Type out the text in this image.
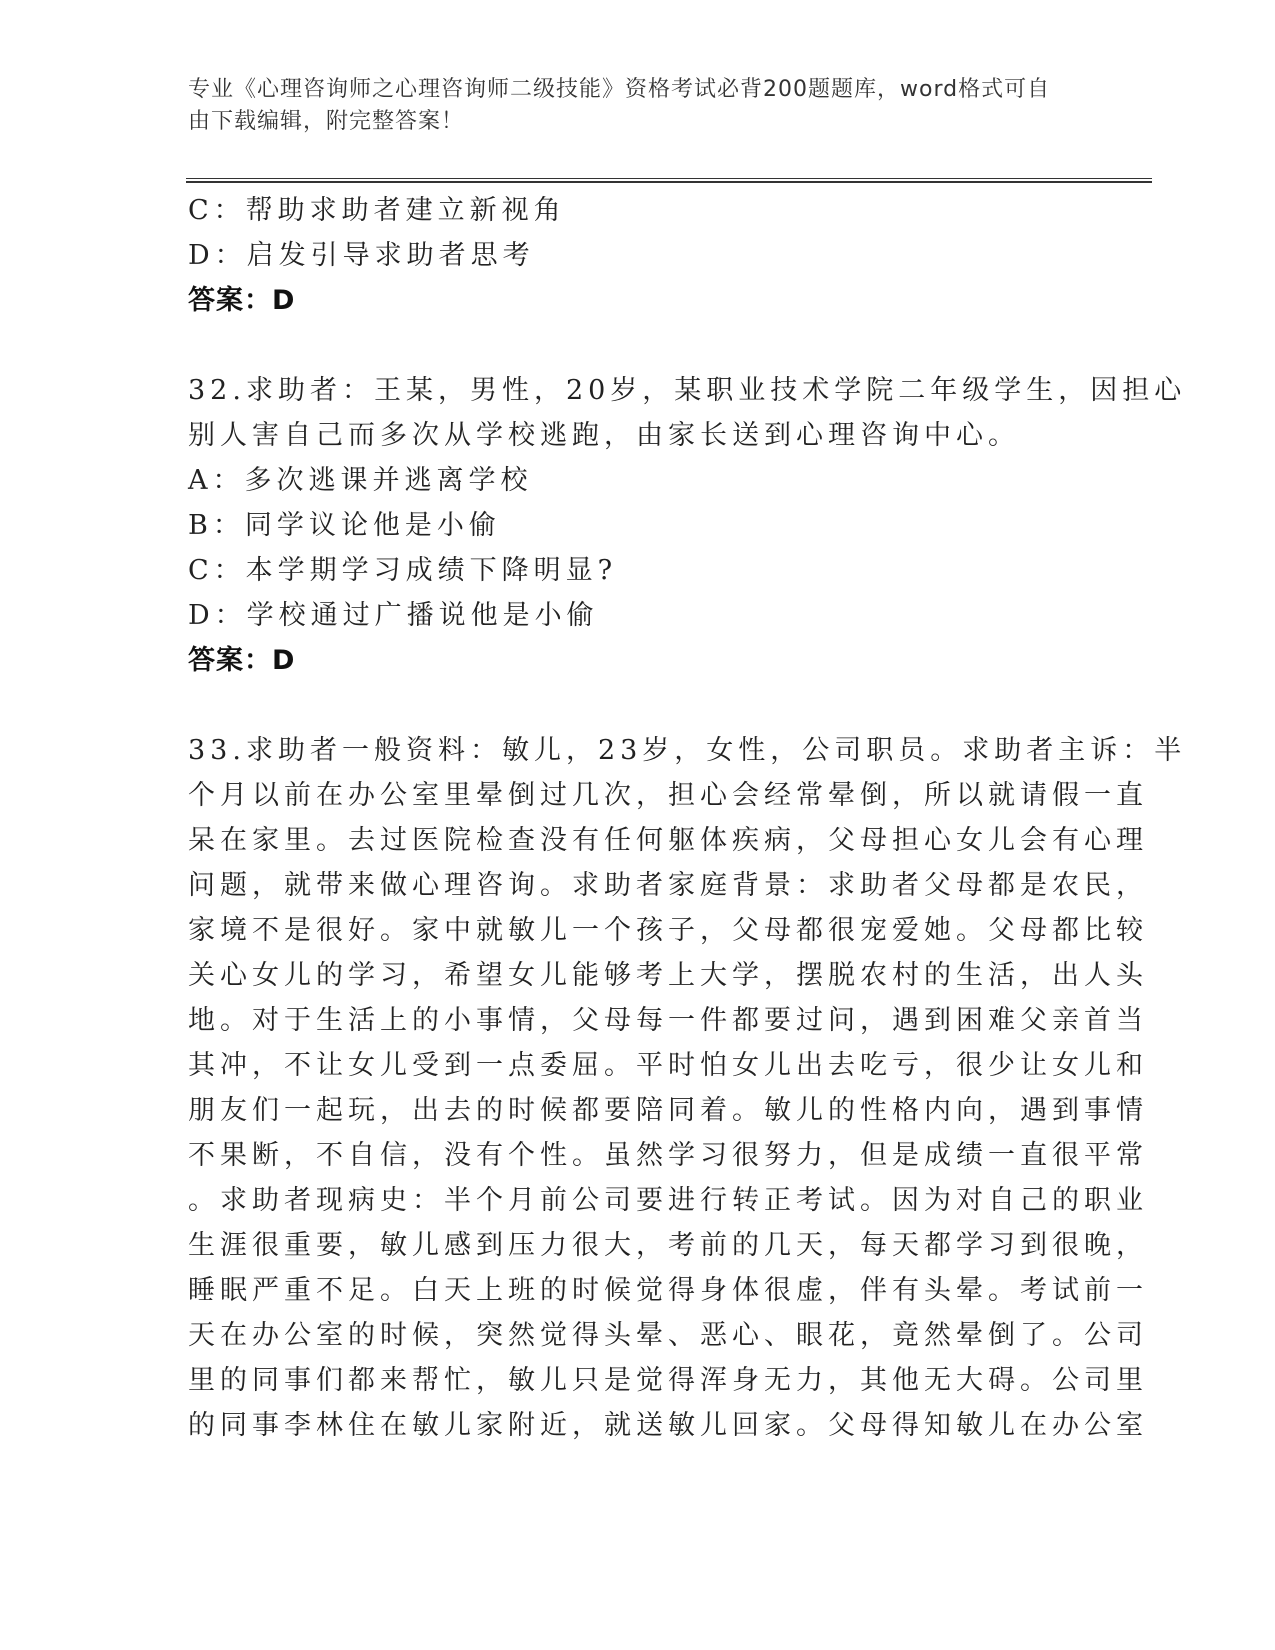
专业《心理咨询师之心理咨询师二级技能》资格考试必背200题题库，word格式可自由下载编辑，附完整答案！
C：帮助求助者建立新视角
D：启发引导求助者思考
答案：D
32.求助者：王某，男性，20岁，某职业技术学院二年级学生，因担心
别人害自己而多次从学校逃跑，由家长送到心理咨询中心。
A：多次逃课并逃离学校
B：同学议论他是小偷
C：本学期学习成绩下降明显?
D：学校通过广播说他是小偷
答案：D
33.求助者一般资料：敏儿，23岁，女性，公司职员。求助者主诉：半
个月以前在办公室里晕倒过几次，担心会经常晕倒，所以就请假一直
呆在家里。去过医院检查没有任何躯体疾病，父母担心女儿会有心理
问题，就带来做心理咨询。求助者家庭背景：求助者父母都是农民，
家境不是很好。家中就敏儿一个孩子，父母都很宠爱她。父母都比较
关心女儿的学习，希望女儿能够考上大学，摆脱农村的生活，出人头
地。对于生活上的小事情，父母每一件都要过问，遇到困难父亲首当
其冲，不让女儿受到一点委屈。平时怕女儿出去吃亏，很少让女儿和
朋友们一起玩，出去的时候都要陪同着。敏儿的性格内向，遇到事情
不果断，不自信，没有个性。虽然学习很努力，但是成绩一直很平常
。求助者现病史：半个月前公司要进行转正考试。因为对自己的职业
生涯很重要，敏儿感到压力很大，考前的几天，每天都学习到很晚，
睡眠严重不足。白天上班的时候觉得身体很虚，伴有头晕。考试前一
天在办公室的时候，突然觉得头晕、恶心、眼花，竟然晕倒了。公司
里的同事们都来帮忙，敏儿只是觉得浑身无力，其他无大碍。公司里
的同事李林住在敏儿家附近，就送敏儿回家。父母得知敏儿在办公室
